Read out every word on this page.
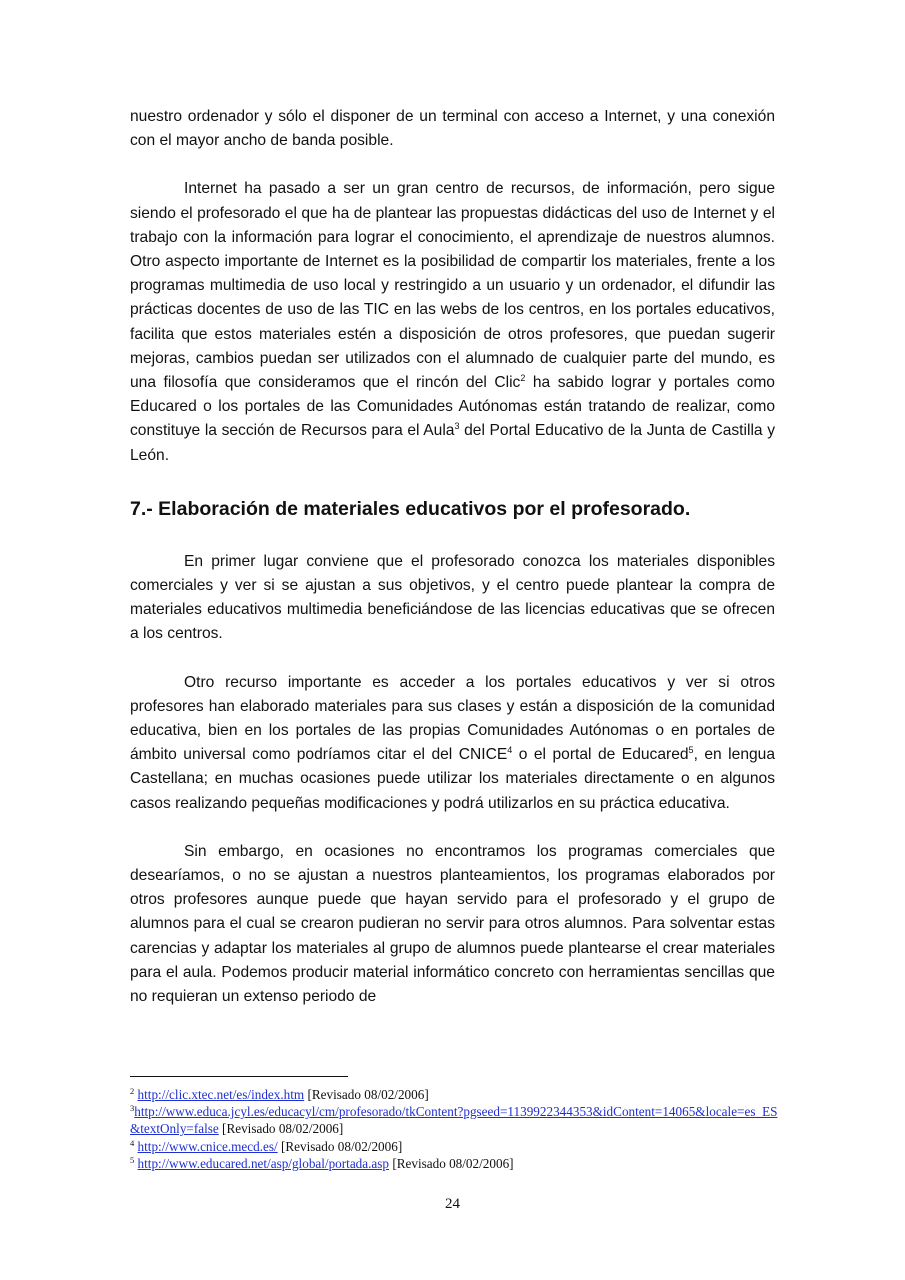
nuestro ordenador y sólo el disponer de un terminal con acceso a Internet, y una conexión con el mayor ancho de banda posible.

Internet ha pasado a ser un gran centro de recursos, de información, pero sigue siendo el profesorado el que ha de plantear las propuestas didácticas del uso de Internet y el trabajo con la información para lograr el conocimiento, el aprendizaje de nuestros alumnos. Otro aspecto importante de Internet es la posibilidad de compartir los materiales, frente a los programas multimedia de uso local y restringido a un usuario y un ordenador, el difundir las prácticas docentes de uso de las TIC en las webs de los centros, en los portales educativos, facilita que estos materiales estén a disposición de otros profesores, que puedan sugerir mejoras, cambios puedan ser utilizados con el alumnado de cualquier parte del mundo, es una filosofía que consideramos que el rincón del Clic$^2$ ha sabido lograr y portales como Educared o los portales de las Comunidades Autónomas están tratando de realizar, como constituye la sección de Recursos para el Aula$^3$ del Portal Educativo de la Junta de Castilla y León.

7.- Elaboración de materiales educativos por el profesorado.

En primer lugar conviene que el profesorado conozca los materiales disponibles comerciales y ver si se ajustan a sus objetivos, y el centro puede plantear la compra de materiales educativos multimedia beneficiándose de las licencias educativas que se ofrecen a los centros.

Otro recurso importante es acceder a los portales educativos y ver si otros profesores han elaborado materiales para sus clases y están a disposición de la comunidad educativa, bien en los portales de las propias Comunidades Autónomas o en portales de ámbito universal como podríamos citar el del CNICE$^4$ o el portal de Educared$^5$, en lengua Castellana; en muchas ocasiones puede utilizar los materiales directamente o en algunos casos realizando pequeñas modificaciones y podrá utilizarlos en su práctica educativa.

Sin embargo, en ocasiones no encontramos los programas comerciales que desearíamos, o no se ajustan a nuestros planteamientos, los programas elaborados por otros profesores aunque puede que hayan servido para el profesorado y el grupo de alumnos para el cual se crearon pudieran no servir para otros alumnos. Para solventar estas carencias y adaptar los materiales al grupo de alumnos puede plantearse el crear materiales para el aula. Podemos producir material informático concreto con herramientas sencillas que no requieran un extenso periodo de

$^2$ http://clic.xtec.net/es/index.htm [Revisado 08/02/2006]

$^3$http://www.educa.jcyl.es/educacyl/cm/profesorado/tkContent?pgseed=1139922344353&idContent=14065&locale=es_ES&textOnly=false [Revisado 08/02/2006]

$^4$ http://www.cnice.mecd.es/ [Revisado 08/02/2006]

$^5$ http://www.educared.net/asp/global/portada.asp [Revisado 08/02/2006]

24
